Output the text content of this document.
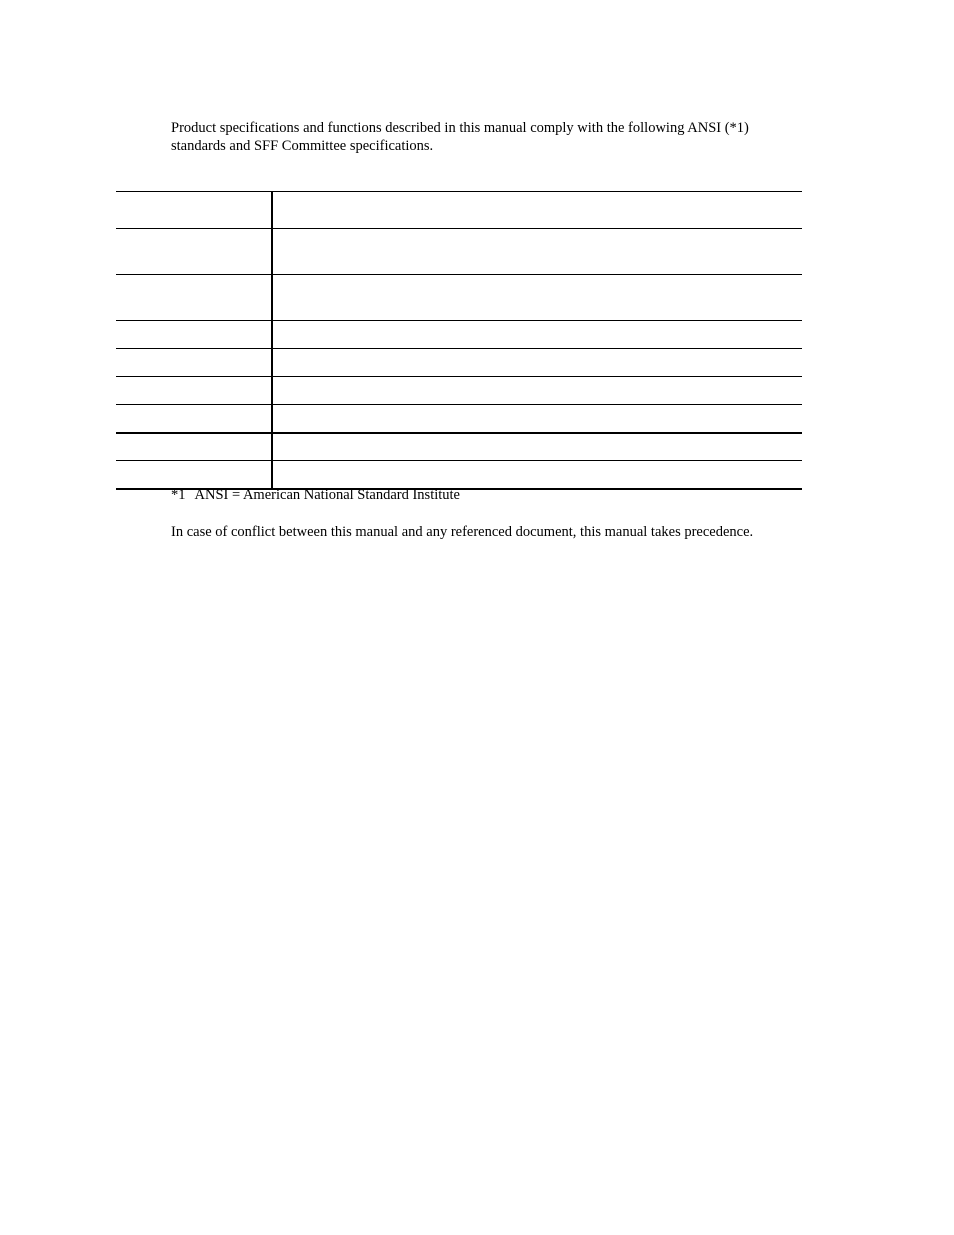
Product specifications and functions described in this manual comply with the following ANSI (*1)
standards and SFF Committee specifications.

*1 ANSI = American National Standard Institute

In case of conflict between this manual and any referenced document, this manual takes precedence.
